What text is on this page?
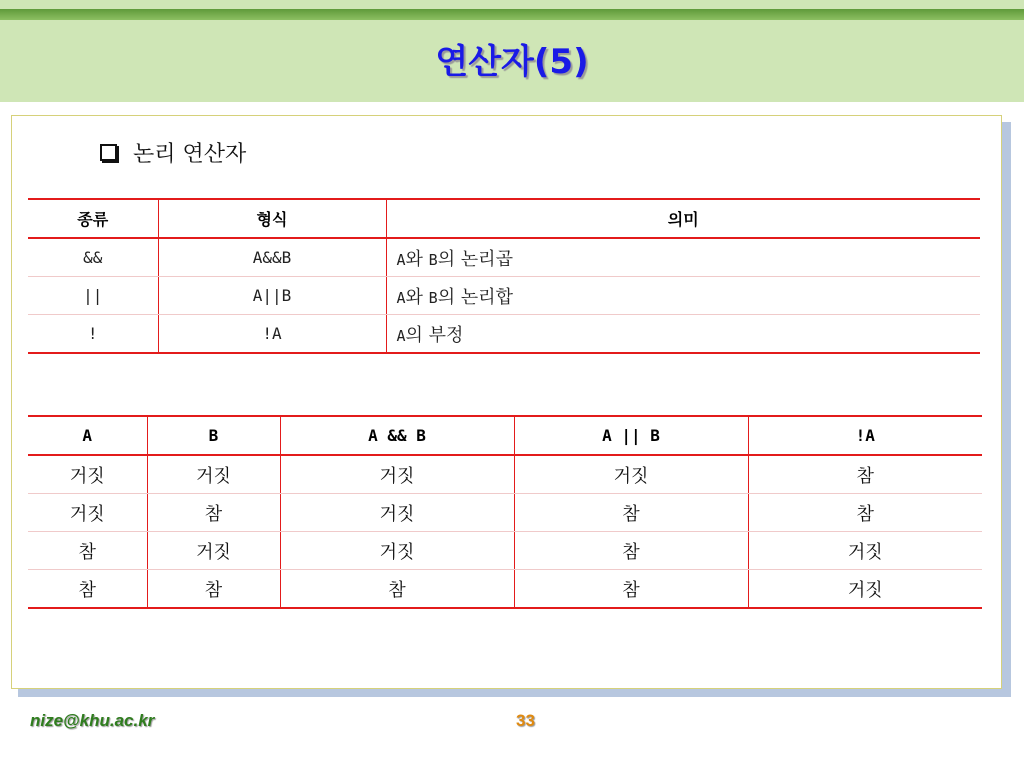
연산자(5)
논리 연산자
종류	형식	의미
&&	A&&B	A와 B의 논리곱
||	A||B	A와 B의 논리합
!	!A	A의 부정
A	B	A && B	A || B	!A
거짓	거짓	거짓	거짓	참
거짓	참	거짓	참	참
참	거짓	거짓	참	거짓
참	참	참	참	거짓
nize@khu.ac.kr	33
